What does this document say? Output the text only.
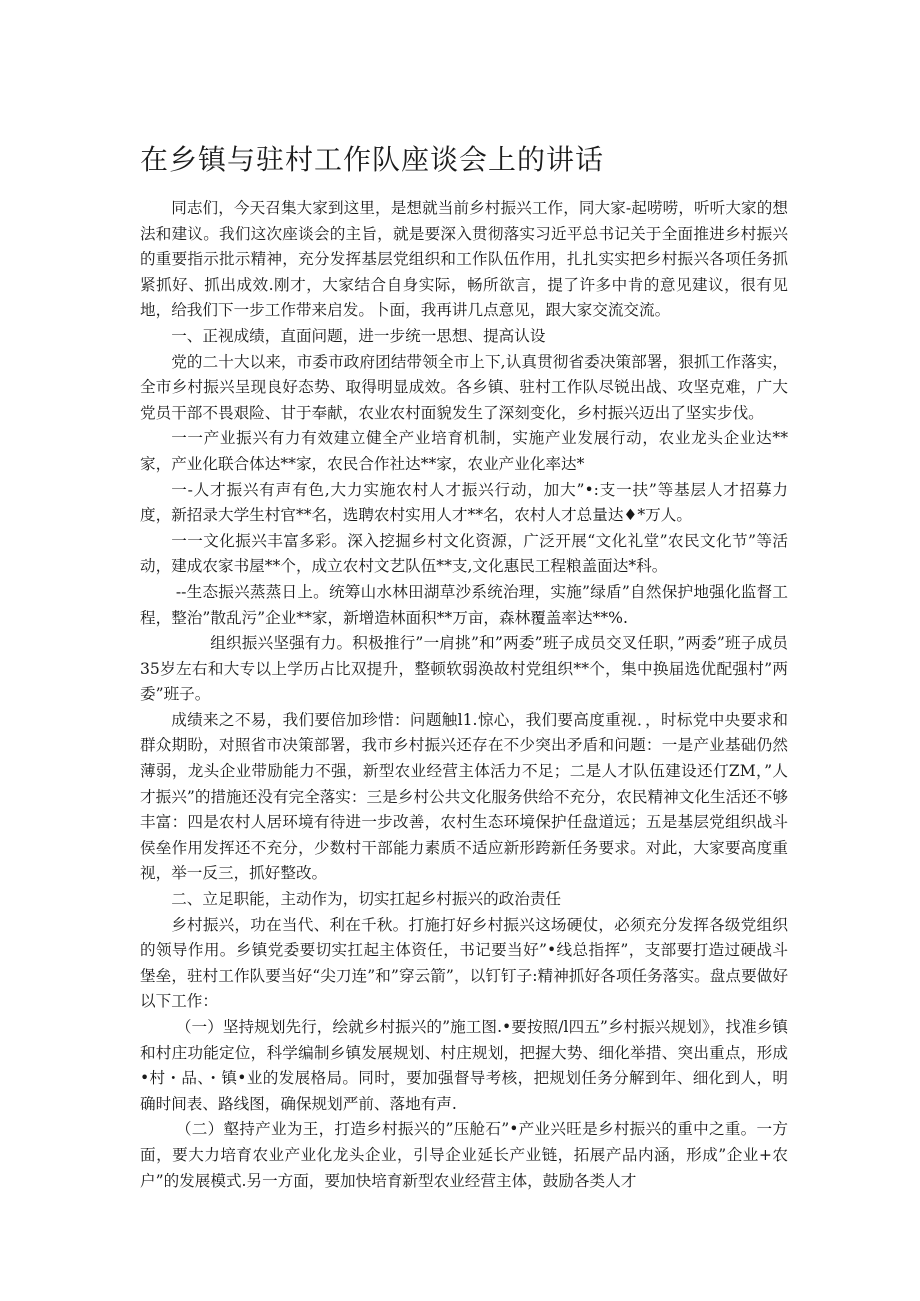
在乡镇与驻村工作队座谈会上的讲话

同志们，今天召集大家到这里，是想就当前乡村振兴工作，同大家-起唠唠，听听大家的想法和建议。我们这次座谈会的主旨，就是要深入贯彻落实习近平总书记关于全面推进乡村振兴的重要指示批示精神，充分发挥基层党组织和工作队伍作用，扎扎实实把乡村振兴各项任务抓紧抓好、抓出成效.刚才，大家结合自身实际，畅所欲言，提了许多中肯的意见建议，很有见地，给我们下一步工作带来启发。卜面，我再讲几点意见，跟大家交流交流。

一、正视成绩，直面问题，进一步统一思想、提高认设

党的二十大以来，市委市政府团结带领全市上下,认真贯彻省委决策部署，狠抓工作落实，全市乡村振兴呈现良好态势、取得明显成效。各乡镇、驻村工作队尽锐出战、攻坚克难，广大党员干部不畏艰险、甘于奉献，农业农村面貌发生了深刻变化，乡村振兴迈出了坚实步伐。

一一产业振兴有力有效建立健全产业培育机制，实施产业发展行动，农业龙头企业达**家，产业化联合体达**家，农民合作社达**家，农业产业化率达*

一-人才振兴有声有色,大力实施农村人才振兴行动，加大”•:支一扶”等基层人才招募力度，新招录大学生村官**名，选聘农村实用人才**名，农村人才总量达♦*万人。

一一文化振兴丰富多彩。深入挖掘乡村文化资源，广泛开展“文化礼堂”农民文化节”等活动，建成农家书屋**个，成立农村文艺队伍**支,文化惠民工程粮盖面达*科。

--生态振兴蒸蒸日上。统筹山水林田湖草沙系统治理，实施”绿盾”自然保护地强化监督工程，整治”散乱污”企业**家，新增造林面积**万亩，森林覆盖率达**%.

组织振兴坚强有力。积极推行”一肩挑”和”两委”班子成员交叉任职，”两委”班子成员35岁左右和大专以上学历占比双提升，整顿软弱涣故村党组织**个，集中换届选优配强村”两委”班子。

成绩来之不易，我们要倍加珍惜：问题触l1.惊心，我们要高度重视．，时标党中央要求和群众期盼，对照省市决策部署，我市乡村振兴还存在不少突出矛盾和问题：一是产业基础仍然薄弱，龙头企业带励能力不强，新型农业经营主体活力不足；二是人才队伍建设还仃ZM，”人才振兴”的措施还没有完全落实：三是乡村公共文化服务供给不充分，农民精神文化生活还不够丰富：四是农村人居环境有待进一步改善，农村生态环境保护任盘道远；五是基层党组织战斗侯垒作用发挥还不充分，少数村干部能力素质不适应新形跨新任务要求。对此，大家要高度重视，举一反三，抓好整改。

二、立足职能，主动作为，切实扛起乡村振兴的政治责任

乡村振兴，功在当代、利在千秋。打施打好乡村振兴这场硬仗，必须充分发挥各级党组织的领导作用。乡镇党委要切实扛起主体资任，书记要当好”•线总指挥”，支部要打造过硬战斗堡垒，驻村工作队要当好“尖刀连”和”穿云箭”，以钉钉子:精神抓好各项任务落实。盘点要做好以下工作：

（一）坚持规划先行，绘就乡村振兴的”施工图.•要按照/l四五”乡村振兴规划》，找准乡镇和村庄功能定位，科学编制乡镇发展规划、村庄规划，把握大势、细化举措、突出重点，形成•村・品、・镇•业的发展格局。同时，要加强督导考核，把规划任务分解到年、细化到人，明确时间表、路线图，确保规划严前、落地有声.

（二）壑持产业为王，打造乡村振兴的”压舱石”•产业兴旺是乡村振兴的重中之重。一方面，要大力培育农业产业化龙头企业，引导企业延长产业链，拓展产品内涵，形成”企业+农户”的发展模式.另一方面，要加快培育新型农业经营主体，鼓励各类人才
